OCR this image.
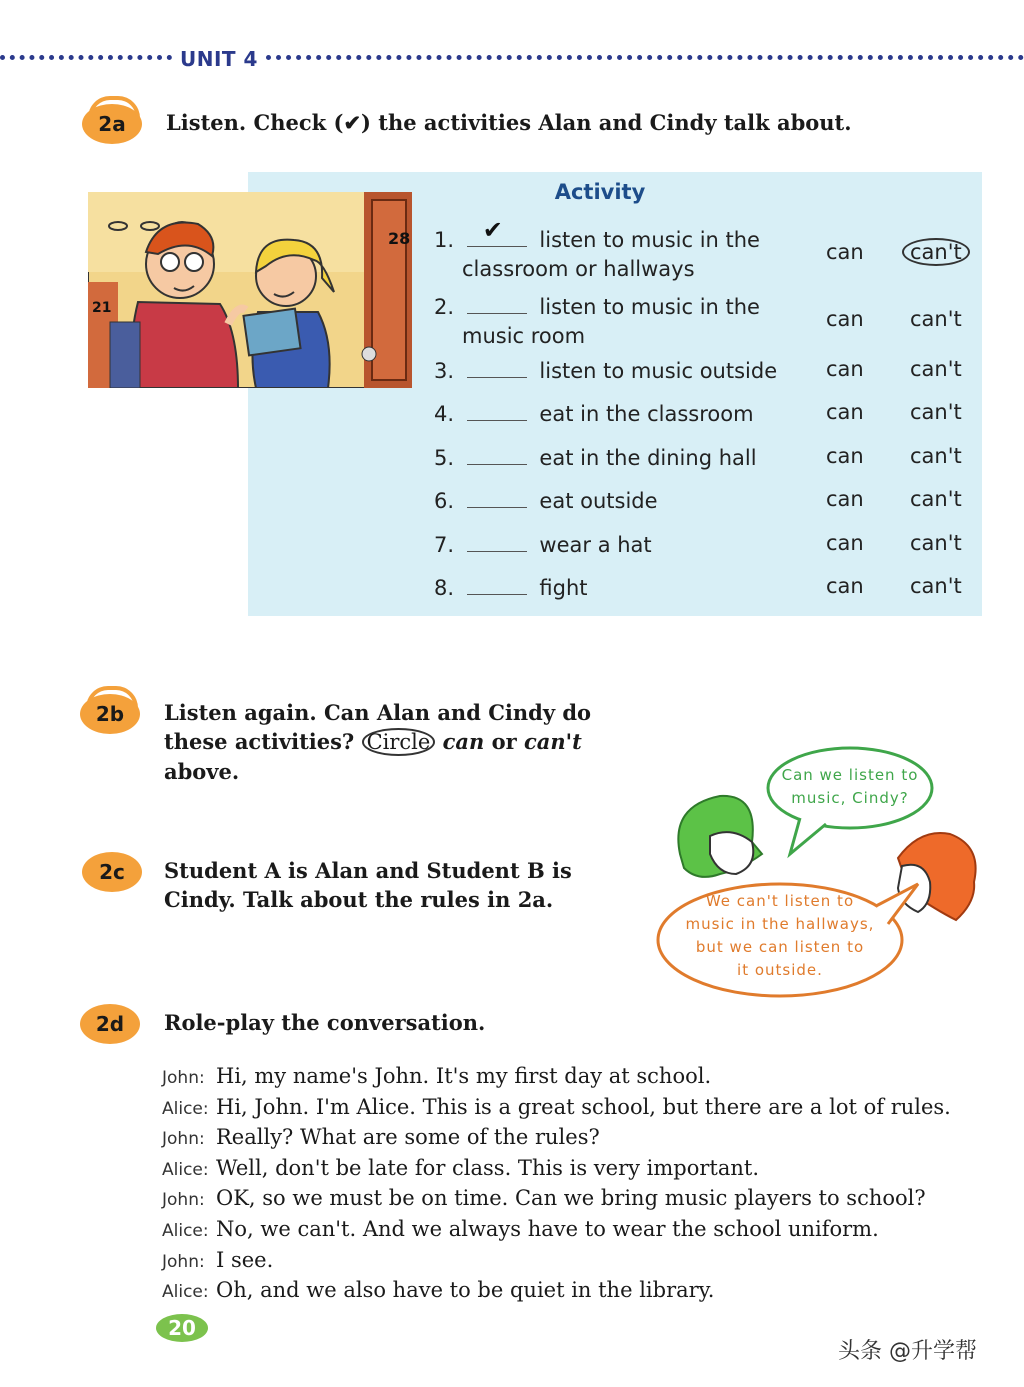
UNIT 4
2a	Listen. Check (✔) the activities Alan and Cindy talk about.
Activity
28
21
1. ✔ listen to music in the
classroom or hallways
can	can't
2.	listen to music in the
music room
can can't
3.	listen to music outside can can't
4.	eat in the classroom	can can't
5.	eat in the dining hall	can can't
6.	eat outside	can can't
7.	wear a hat	can can't
8.	fight	can can't
2b	Listen again. Can Alan and Cindy do
these activities? Circle can or can't
above.
2c	Student A is Alan and Student B is
Cindy. Talk about the rules in 2a.
Can we listen to
music, Cindy?
We can't listen to
music in the hallways,
but we can listen to
it outside.
2d	Role-play the conversation.
John: Hi, my name's John. It's my first day at school.
Alice: Hi, John. I'm Alice. This is a great school, but there are a lot of rules.
John: Really? What are some of the rules?
Alice: Well, don't be late for class. This is very important.
John: OK, so we must be on time. Can we bring music players to school?
Alice: No, we can't. And we always have to wear the school uniform.
John: I see.
Alice: Oh, and we also have to be quiet in the library.
20
头条 @升学帮
